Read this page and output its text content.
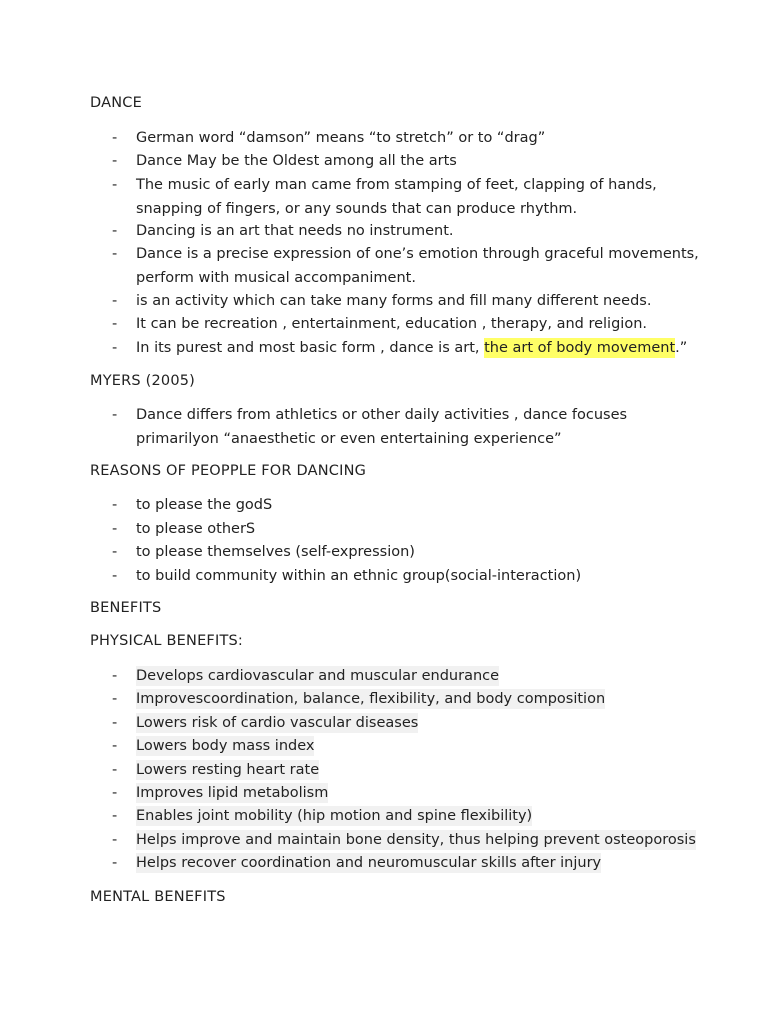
DANCE
-	German word “damson” means “to stretch” or to “drag”
-	Dance May be the Oldest among all the arts
-	The music of early man came from stamping of feet, clapping of hands, snapping of fingers, or any sounds that can produce rhythm.
-	Dancing is an art that needs no instrument.
-	Dance is a precise expression of one’s emotion through graceful movements, perform with musical accompaniment.
-	is an activity which can take many forms and fill many different needs.
-	It can be recreation , entertainment, education , therapy, and religion.
-	In its purest and most basic form , dance is art, the art of body movement.”
MYERS (2005)
-	Dance differs from athletics or other daily activities , dance focuses primarilyon “anaesthetic or even entertaining experience”
REASONS OF PEOPPLE FOR DANCING
-	to please the godS
-	to please otherS
-	to please themselves (self-expression)
-	to build community within an ethnic group(social-interaction)
BENEFITS
PHYSICAL BENEFITS:
-	Develops cardiovascular and muscular endurance
-	Improvescoordination, balance, flexibility, and body composition
-	Lowers risk of cardio vascular diseases
-	Lowers body mass index
-	Lowers resting heart rate
-	Improves lipid metabolism
-	Enables joint mobility (hip motion and spine flexibility)
-	Helps improve and maintain bone density, thus helping prevent osteoporosis
-	Helps recover coordination and neuromuscular skills after injury
MENTAL BENEFITS
